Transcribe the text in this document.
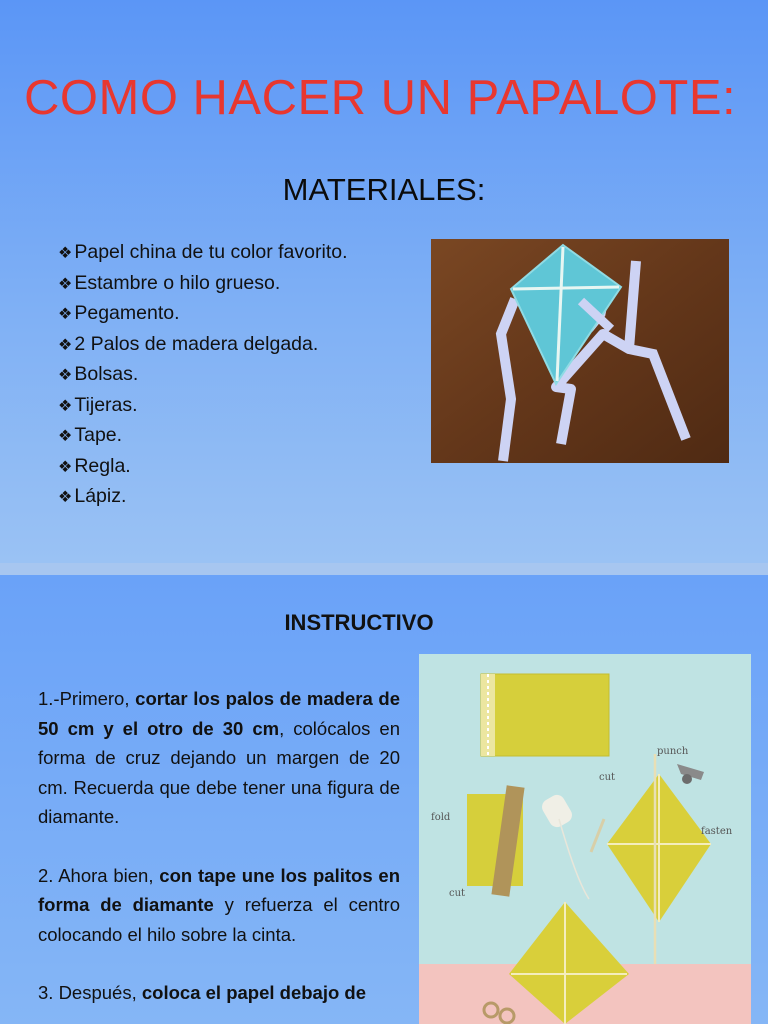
COMO HACER UN PAPALOTE:
MATERIALES:
❖ Papel china de tu color favorito.
❖ Estambre o hilo grueso.
❖ Pegamento.
❖ 2 Palos de madera delgada.
❖ Bolsas.
❖ Tijeras.
❖ Tape.
❖ Regla.
❖ Lápiz.
INSTRUCTIVO

1.-Primero, cortar los palos de madera de 50 cm y el otro de 30 cm, colócalos en forma de cruz dejando un margen de 20 cm. Recuerda que debe tener una figura de diamante.

2. Ahora bien, con tape une los palitos en forma de diamante y refuerza el centro colocando el hilo sobre la cinta.

3. Después, coloca el papel debajo de

cut
punch
fold
cut
fasten
